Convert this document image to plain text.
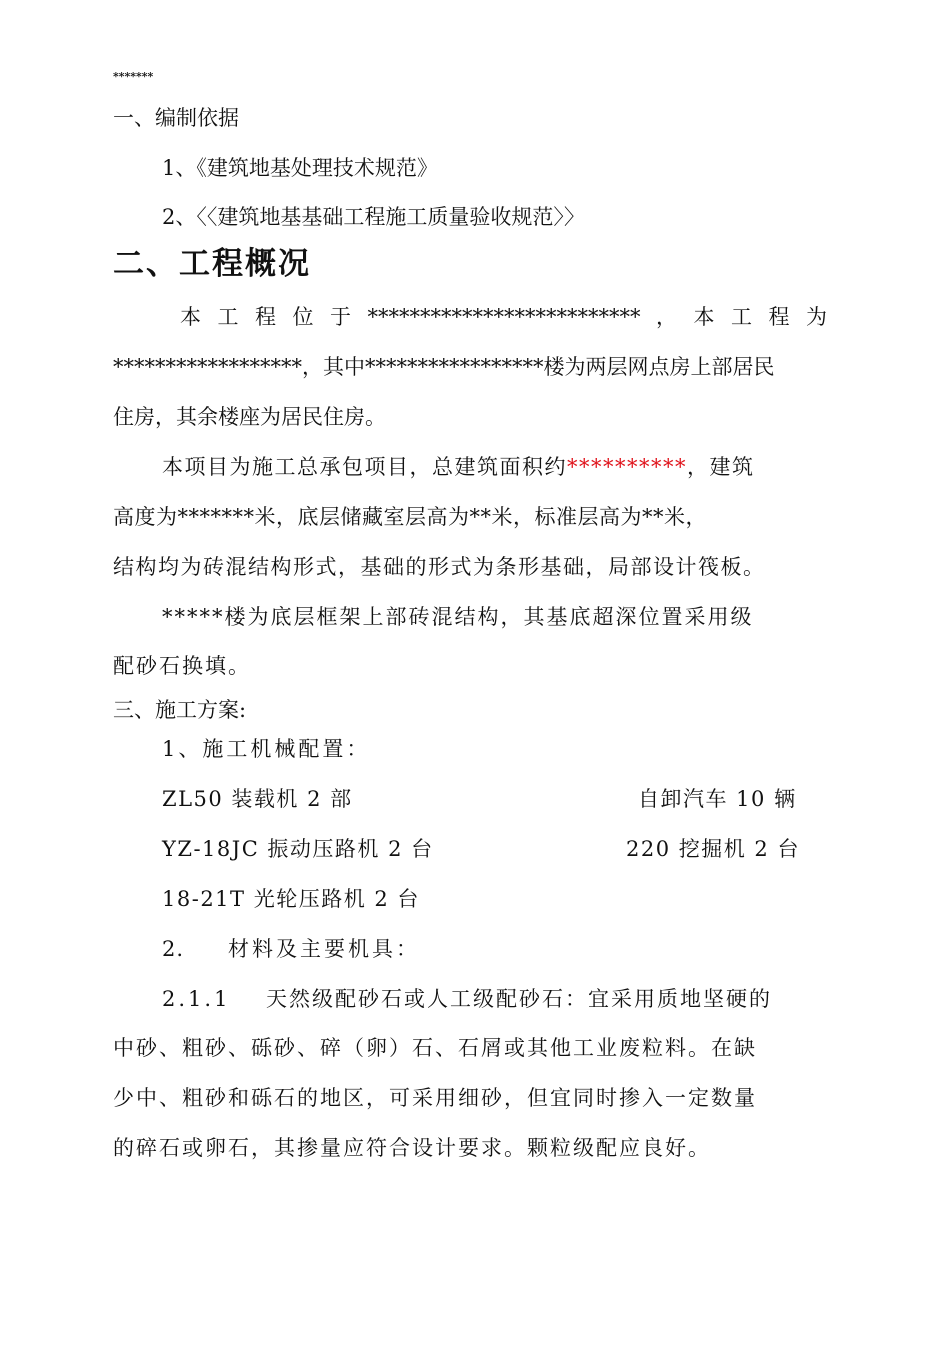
*******
一、编制依据
1、《建筑地基处理技术规范》
2、〈〈建筑地基基础工程施工质量验收规范〉〉
二、工程概况
本 工 程 位 于 ************************** ， 本 工 程 为
******************，其中*****************楼为两层网点房上部居民
住房，其余楼座为居民住房。
本项目为施工总承包项目，总建筑面积约**********，建筑
高度为*******米，底层储藏室层高为**米，标准层高为**米，
结构均为砖混结构形式，基础的形式为条形基础，局部设计筏板。
*****楼为底层框架上部砖混结构，其基底超深位置采用级
配砂石换填。
三、施工方案:
1、施工机械配置：
ZL50 装载机 2 部	自卸汽车 10 辆
YZ-18JC 振动压路机 2 台	220 挖掘机 2 台
18-21T 光轮压路机 2 台
2. 材料及主要机具：
2.1.1 天然级配砂石或人工级配砂石：宜采用质地坚硬的
中砂、粗砂、砾砂、碎（卵）石、石屑或其他工业废粒料。在缺
少中、粗砂和砾石的地区，可采用细砂，但宜同时掺入一定数量
的碎石或卵石，其掺量应符合设计要求。颗粒级配应良好。
